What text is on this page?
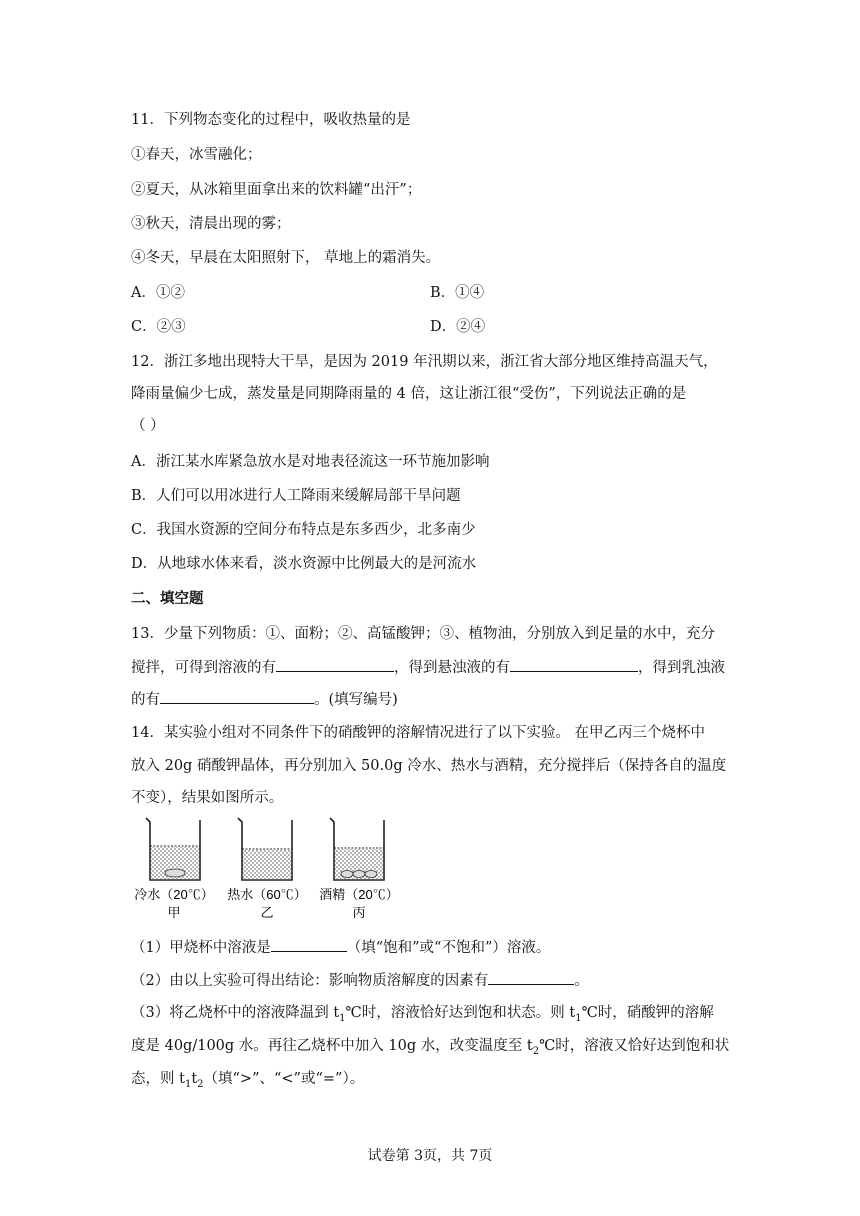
11．下列物态变化的过程中，吸收热量的是
①春天，冰雪融化；
②夏天，从冰箱里面拿出来的饮料罐“出汗”；
③秋天，清晨出现的雾；
④冬天，早晨在太阳照射下， 草地上的霜消失。
A．①②	B．①④
C．②③	D．②④
12．浙江多地出现特大干旱，是因为 2019 年汛期以来，浙江省大部分地区维持高温天气，
降雨量偏少七成，蒸发量是同期降雨量的 4 倍，这让浙江很“受伤”，下列说法正确的是
（ ）
A．浙江某水库紧急放水是对地表径流这一环节施加影响
B．人们可以用冰进行人工降雨来缓解局部干旱问题
C．我国水资源的空间分布特点是东多西少，北多南少
D．从地球水体来看，淡水资源中比例最大的是河流水
二、填空题
13．少量下列物质：①、面粉；②、高锰酸钾；③、植物油，分别放入到足量的水中，充分
搅拌，可得到溶液的有	，得到悬浊液的有	，得到乳浊液
的有	。(填写编号)
14．某实验小组对不同条件下的硝酸钾的溶解情况进行了以下实验。 在甲乙丙三个烧杯中
放入 20g 硝酸钾晶体，再分别加入 50.0g 冷水、热水与酒精，充分搅拌后（保持各自的温度
不变），结果如图所示。
冷水（20℃）
甲
热水（60℃）
乙
酒精（20℃）
丙
（1）甲烧杯中溶液是	（填“饱和”或“不饱和”）溶液。
（2）由以上实验可得出结论：影响物质溶解度的因素有	。
（3）将乙烧杯中的溶液降温到 $t_1℃$时，溶液恰好达到饱和状态。则 $t_1℃$时，硝酸钾的溶解
度是 40g/100g 水。再往乙烧杯中加入 10g 水，改变温度至 $t_2℃$时，溶液又恰好达到饱和状
态，则 $t_1t_2$（填“>”、“<”或“=”）。
试卷第 3页，共 7页
